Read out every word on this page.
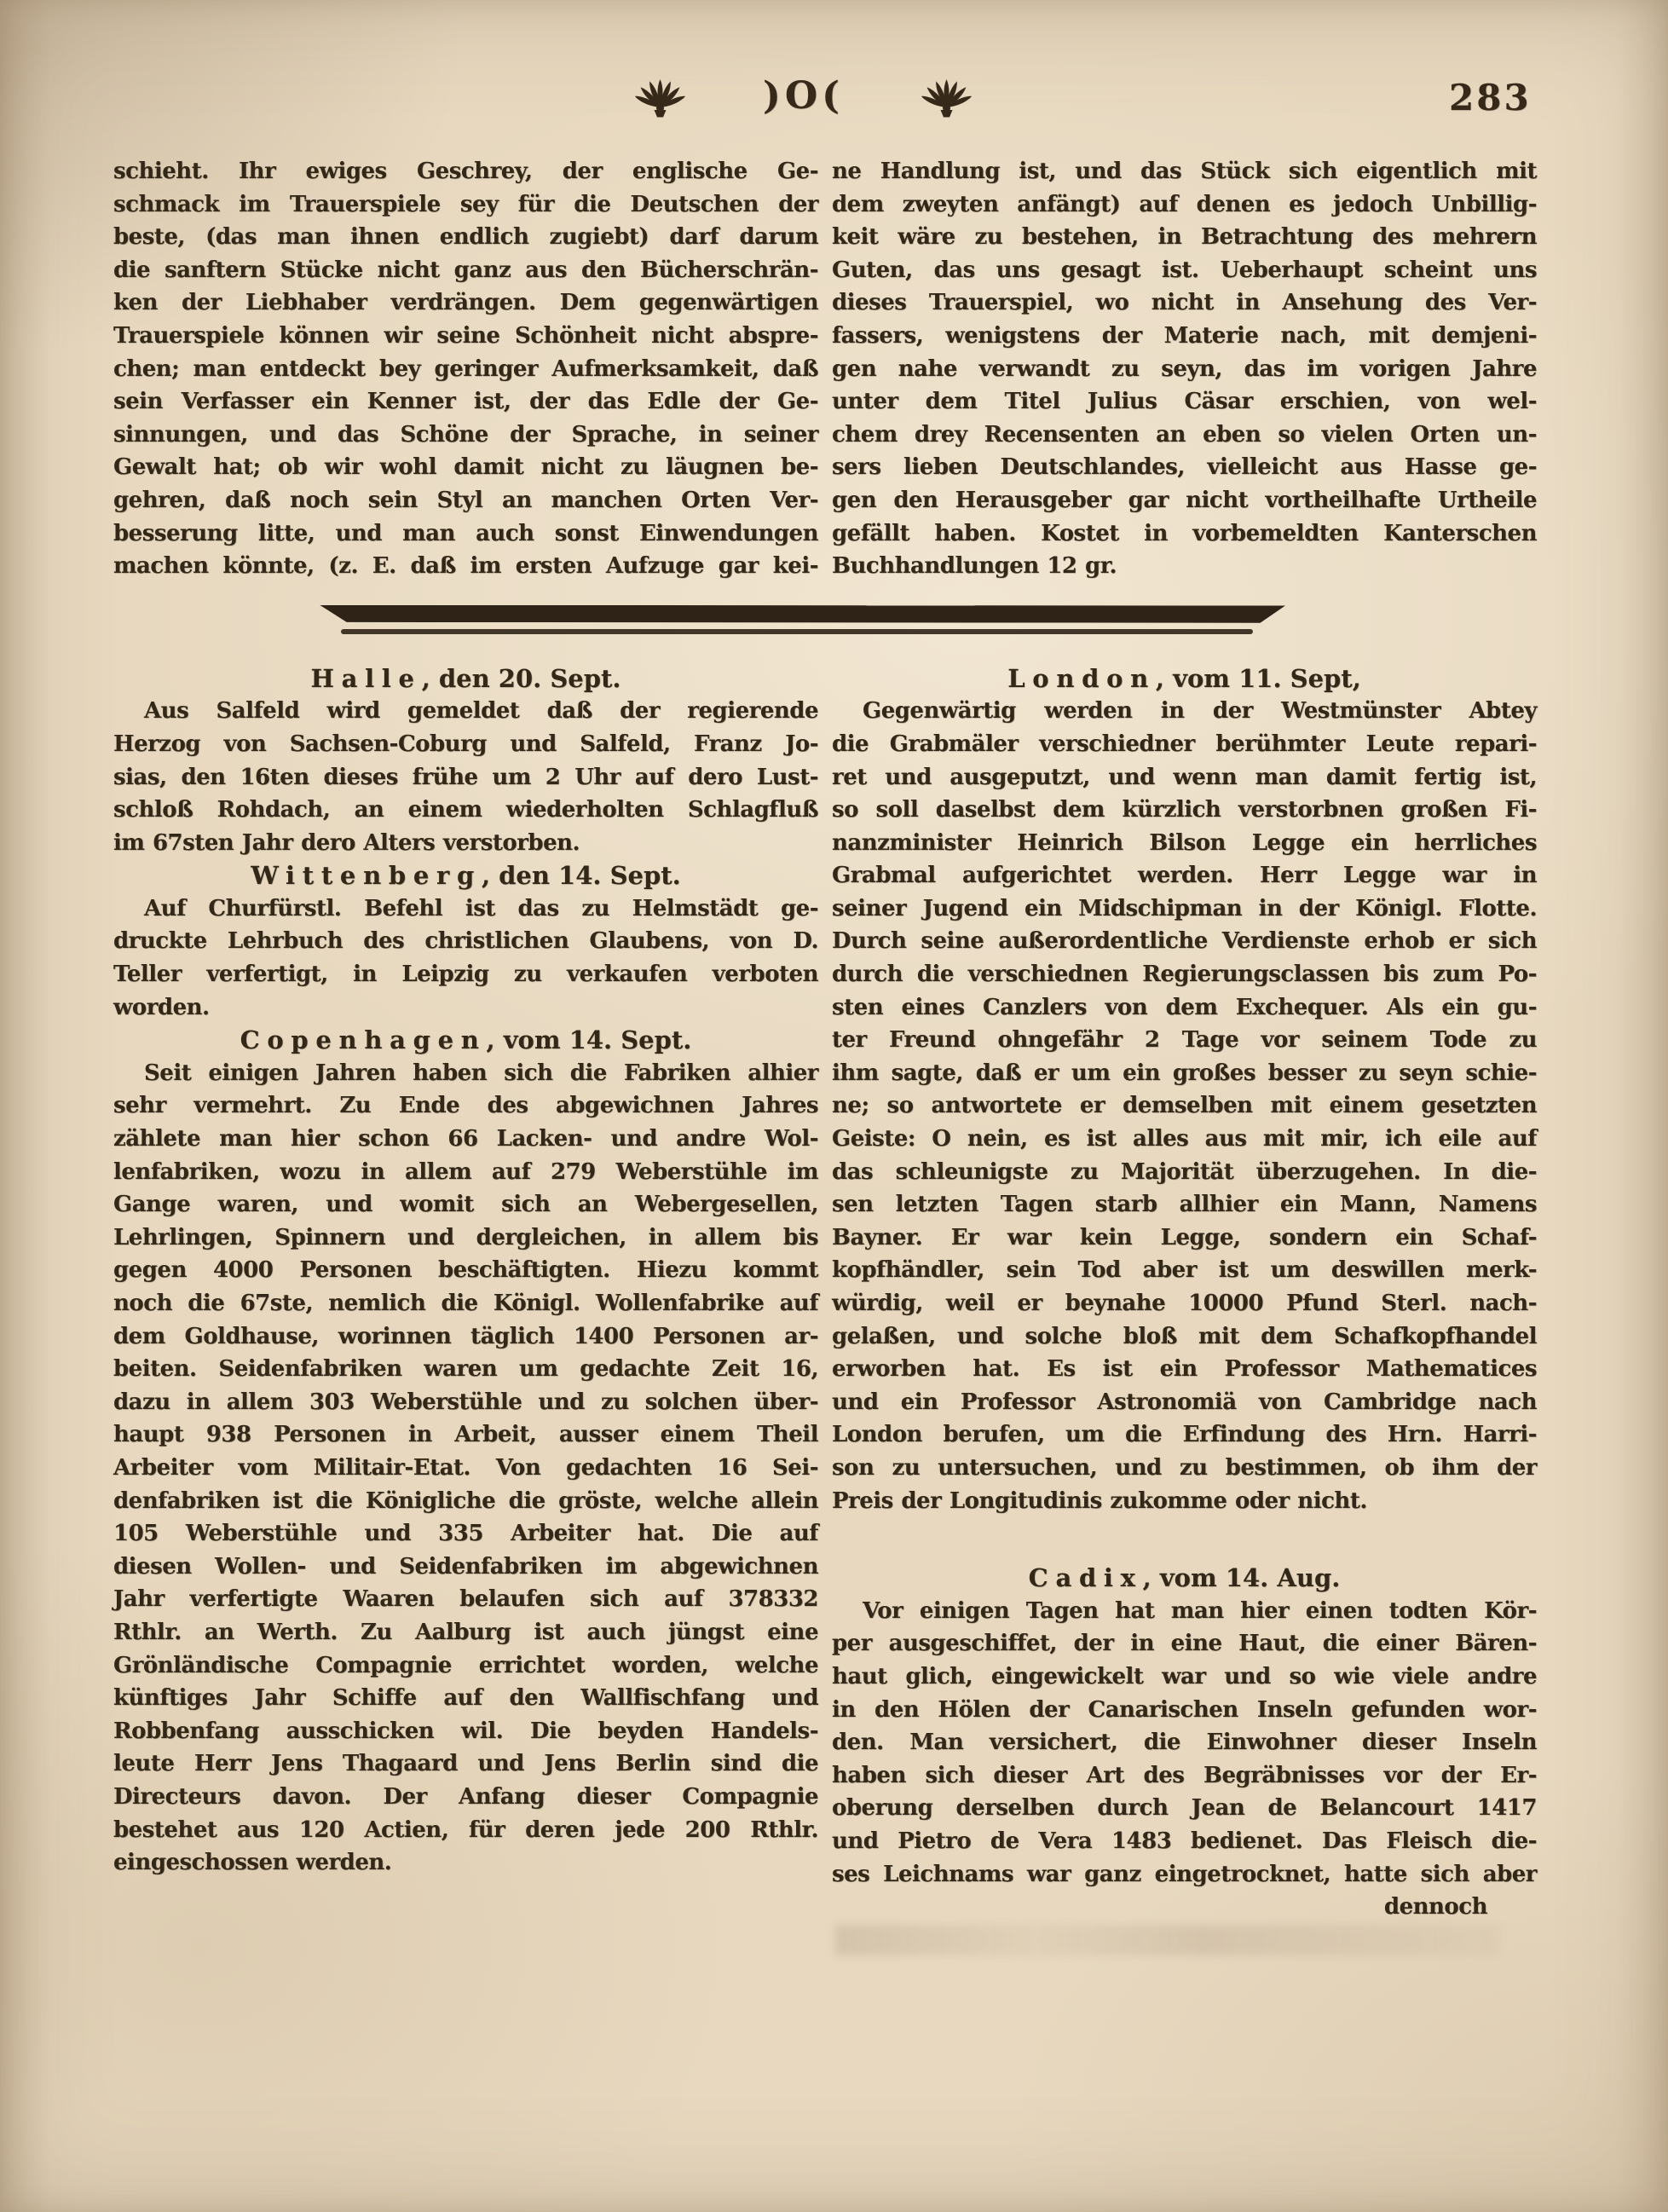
)O(	283
schieht. Ihr ewiges Geschrey, der englische Ge-
schmack im Trauerspiele sey für die Deutschen der
beste, (das man ihnen endlich zugiebt) darf darum
die sanftern Stücke nicht ganz aus den Bücherschrän-
ken der Liebhaber verdrängen. Dem gegenwärtigen
Trauerspiele können wir seine Schönheit nicht abspre-
chen; man entdeckt bey geringer Aufmerksamkeit, daß
sein Verfasser ein Kenner ist, der das Edle der Ge-
sinnungen, und das Schöne der Sprache, in seiner
Gewalt hat; ob wir wohl damit nicht zu läugnen be-
gehren, daß noch sein Styl an manchen Orten Ver-
besserung litte, und man auch sonst Einwendungen
machen könnte, (z. E. daß im ersten Aufzuge gar kei-
ne Handlung ist, und das Stück sich eigentlich mit
dem zweyten anfängt) auf denen es jedoch Unbillig-
keit wäre zu bestehen, in Betrachtung des mehrern
Guten, das uns gesagt ist. Ueberhaupt scheint uns
dieses Trauerspiel, wo nicht in Ansehung des Ver-
fassers, wenigstens der Materie nach, mit demjeni-
gen nahe verwandt zu seyn, das im vorigen Jahre
unter dem Titel Julius Cäsar erschien, von wel-
chem drey Recensenten an eben so vielen Orten un-
sers lieben Deutschlandes, vielleicht aus Hasse ge-
gen den Herausgeber gar nicht vortheilhafte Urtheile
gefällt haben. Kostet in vorbemeldten Kanterschen
Buchhandlungen 12 gr.
Halle, den 20. Sept.
Aus Salfeld wird gemeldet daß der regierende
Herzog von Sachsen-Coburg und Salfeld, Franz Jo-
sias, den 16ten dieses frühe um 2 Uhr auf dero Lust-
schloß Rohdach, an einem wiederholten Schlagfluß
im 67sten Jahr dero Alters verstorben.
Wittenberg, den 14. Sept.
Auf Churfürstl. Befehl ist das zu Helmstädt ge-
druckte Lehrbuch des christlichen Glaubens, von D.
Teller verfertigt, in Leipzig zu verkaufen verboten
worden.
Copenhagen, vom 14. Sept.
Seit einigen Jahren haben sich die Fabriken alhier
sehr vermehrt. Zu Ende des abgewichnen Jahres
zählete man hier schon 66 Lacken- und andre Wol-
lenfabriken, wozu in allem auf 279 Weberstühle im
Gange waren, und womit sich an Webergesellen,
Lehrlingen, Spinnern und dergleichen, in allem bis
gegen 4000 Personen beschäftigten. Hiezu kommt
noch die 67ste, nemlich die Königl. Wollenfabrike auf
dem Goldhause, worinnen täglich 1400 Personen ar-
beiten. Seidenfabriken waren um gedachte Zeit 16,
dazu in allem 303 Weberstühle und zu solchen über-
haupt 938 Personen in Arbeit, ausser einem Theil
Arbeiter vom Militair-Etat. Von gedachten 16 Sei-
denfabriken ist die Königliche die gröste, welche allein
105 Weberstühle und 335 Arbeiter hat. Die auf
diesen Wollen- und Seidenfabriken im abgewichnen
Jahr verfertigte Waaren belaufen sich auf 378332
Rthlr. an Werth. Zu Aalburg ist auch jüngst eine
Grönländische Compagnie errichtet worden, welche
künftiges Jahr Schiffe auf den Wallfischfang und
Robbenfang ausschicken wil. Die beyden Handels-
leute Herr Jens Thagaard und Jens Berlin sind die
Directeurs davon. Der Anfang dieser Compagnie
bestehet aus 120 Actien, für deren jede 200 Rthlr.
eingeschossen werden.
London, vom 11. Sept,
Gegenwärtig werden in der Westmünster Abtey
die Grabmäler verschiedner berühmter Leute repari-
ret und ausgeputzt, und wenn man damit fertig ist,
so soll daselbst dem kürzlich verstorbnen großen Fi-
nanzminister Heinrich Bilson Legge ein herrliches
Grabmal aufgerichtet werden. Herr Legge war in
seiner Jugend ein Midschipman in der Königl. Flotte.
Durch seine außerordentliche Verdienste erhob er sich
durch die verschiednen Regierungsclassen bis zum Po-
sten eines Canzlers von dem Exchequer. Als ein gu-
ter Freund ohngefähr 2 Tage vor seinem Tode zu
ihm sagte, daß er um ein großes besser zu seyn schie-
ne; so antwortete er demselben mit einem gesetzten
Geiste: O nein, es ist alles aus mit mir, ich eile auf
das schleunigste zu Majorität überzugehen. In die-
sen letzten Tagen starb allhier ein Mann, Namens
Bayner. Er war kein Legge, sondern ein Schaf-
kopfhändler, sein Tod aber ist um deswillen merk-
würdig, weil er beynahe 10000 Pfund Sterl. nach-
gelaßen, und solche bloß mit dem Schafkopfhandel
erworben hat. Es ist ein Professor Mathematices
und ein Professor Astronomiä von Cambridge nach
London berufen, um die Erfindung des Hrn. Harri-
son zu untersuchen, und zu bestimmen, ob ihm der
Preis der Longitudinis zukomme oder nicht.
Cadix, vom 14. Aug.
Vor einigen Tagen hat man hier einen todten Kör-
per ausgeschiffet, der in eine Haut, die einer Bären-
haut glich, eingewickelt war und so wie viele andre
in den Hölen der Canarischen Inseln gefunden wor-
den. Man versichert, die Einwohner dieser Inseln
haben sich dieser Art des Begräbnisses vor der Er-
oberung derselben durch Jean de Belancourt 1417
und Pietro de Vera 1483 bedienet. Das Fleisch die-
ses Leichnams war ganz eingetrocknet, hatte sich aber
dennoch
